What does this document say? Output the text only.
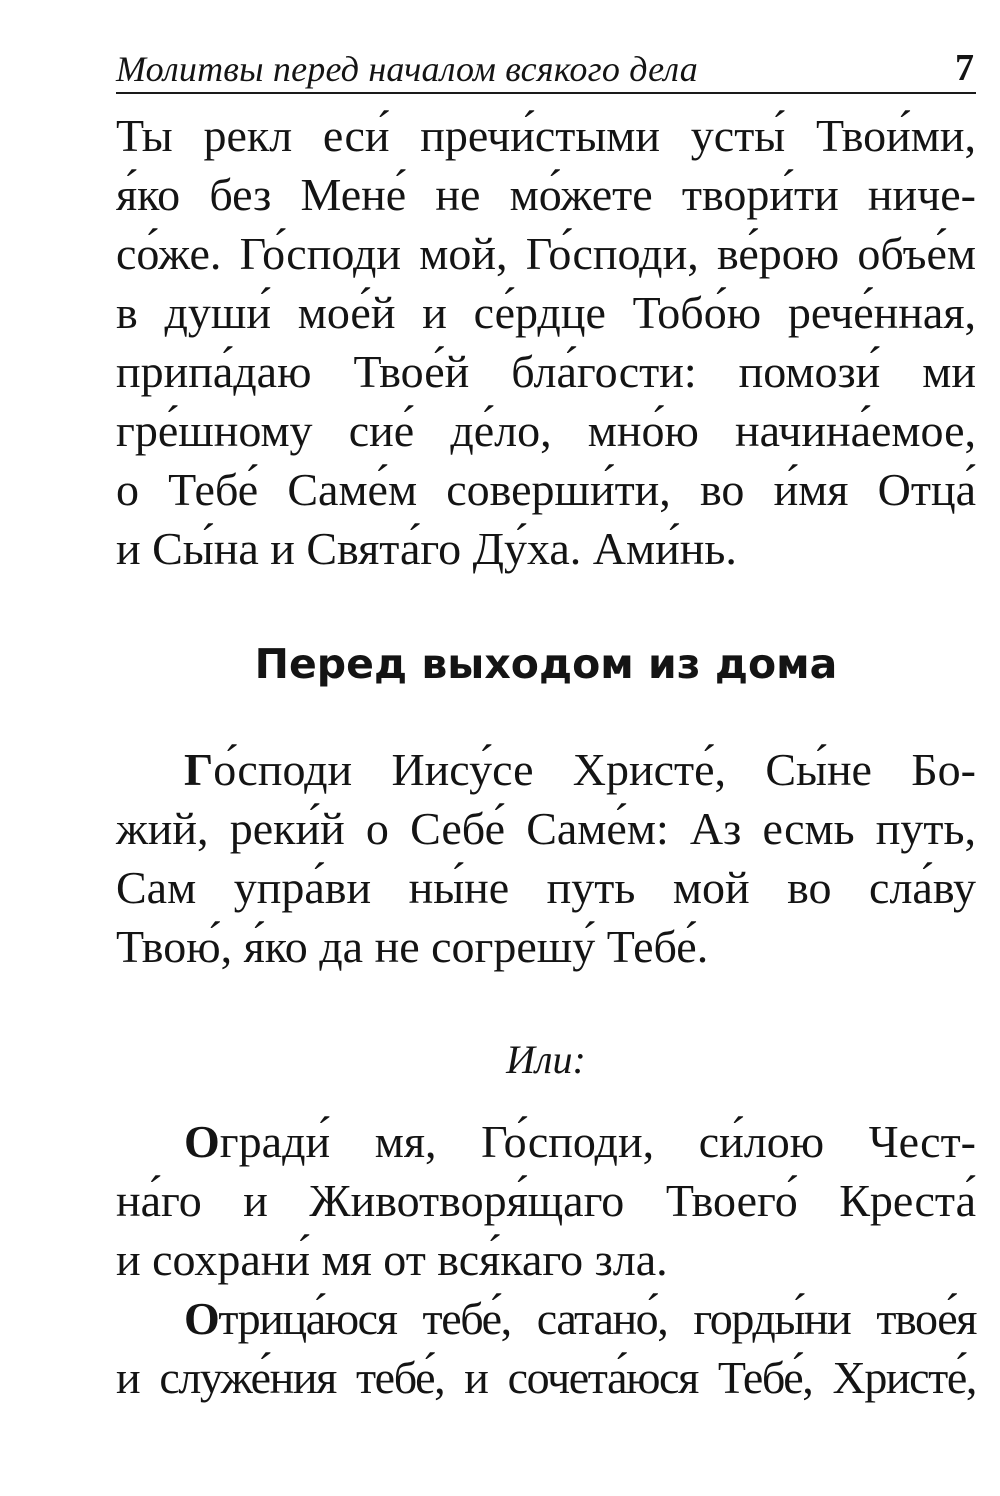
Молитвы перед началом всякого дела	7
Ты рекл еси́ пречи́стыми усты́ Твои́ми,
я́ко без Мене́ не мо́жете твори́ти ниче-
со́же. Го́споди мой, Го́споди, ве́рою объе́м
в души́ мое́й и се́рдце Тобо́ю рече́нная,
припа́даю Твое́й бла́гости: помози́ ми
гре́шному сие́ де́ло, мно́ю начина́емое,
о Тебе́ Саме́м соверши́ти, во и́мя Отца́
и Сы́на и Свята́го Ду́ха. Ами́нь.
Перед выходом из дома
Го́споди Иису́се Христе́, Сы́не Бо-
жий, реки́й о Себе́ Саме́м: Аз есмь путь,
Сам упра́ви ны́не путь мой во сла́ву
Твою́, я́ко да не согрешу́ Тебе́.
Или:
Огради́ мя, Го́споди, си́лою Чест-
на́го и Животворя́щаго Твоего́ Креста́
и сохрани́ мя от вся́каго зла.
Отрица́юся тебе́, сатано́, горды́ни твое́я
и служе́ния тебе́, и сочета́юся Тебе́, Христе́,
